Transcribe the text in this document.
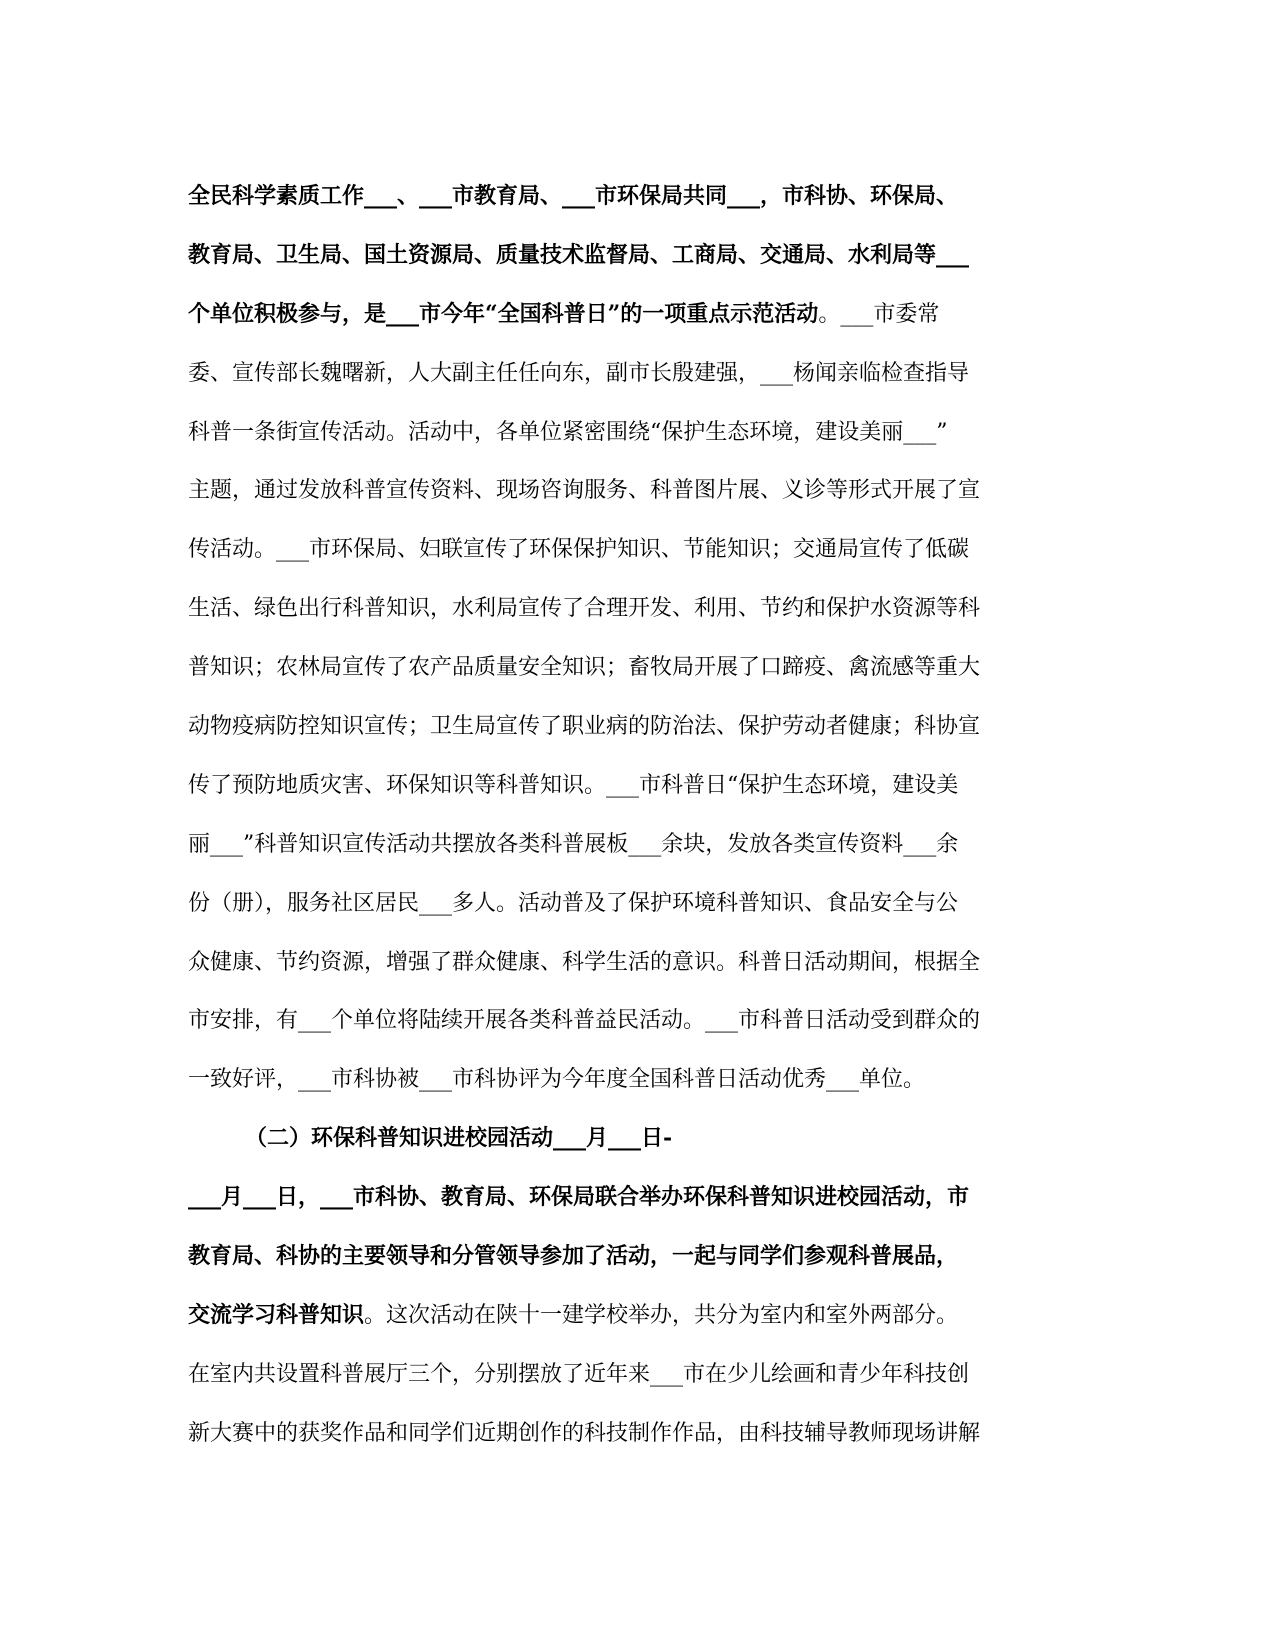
全民科学素质工作___、___市教育局、___市环保局共同___，市科协、环保局、
教育局、卫生局、国土资源局、质量技术监督局、工商局、交通局、水利局等___
个单位积极参与，是___市今年“全国科普日”的一项重点示范活动。___市委常
委、宣传部长魏曙新，人大副主任任向东，副市长殷建强，___杨闻亲临检查指导
科普一条街宣传活动。活动中，各单位紧密围绕“保护生态环境，建设美丽___”
主题，通过发放科普宣传资料、现场咨询服务、科普图片展、义诊等形式开展了宣
传活动。___市环保局、妇联宣传了环保保护知识、节能知识；交通局宣传了低碳
生活、绿色出行科普知识，水利局宣传了合理开发、利用、节约和保护水资源等科
普知识；农林局宣传了农产品质量安全知识；畜牧局开展了口蹄疫、禽流感等重大
动物疫病防控知识宣传；卫生局宣传了职业病的防治法、保护劳动者健康；科协宣
传了预防地质灾害、环保知识等科普知识。___市科普日“保护生态环境，建设美
丽___”科普知识宣传活动共摆放各类科普展板___余块，发放各类宣传资料___余
份（册），服务社区居民___多人。活动普及了保护环境科普知识、食品安全与公
众健康、节约资源，增强了群众健康、科学生活的意识。科普日活动期间，根据全
市安排，有___个单位将陆续开展各类科普益民活动。___市科普日活动受到群众的
一致好评，___市科协被___市科协评为今年度全国科普日活动优秀___单位。
（二）环保科普知识进校园活动___月___日-
___月___日，___市科协、教育局、环保局联合举办环保科普知识进校园活动，市
教育局、科协的主要领导和分管领导参加了活动，一起与同学们参观科普展品，
交流学习科普知识。这次活动在陕十一建学校举办，共分为室内和室外两部分。
在室内共设置科普展厅三个，分别摆放了近年来___市在少儿绘画和青少年科技创
新大赛中的获奖作品和同学们近期创作的科技制作作品，由科技辅导教师现场讲解
